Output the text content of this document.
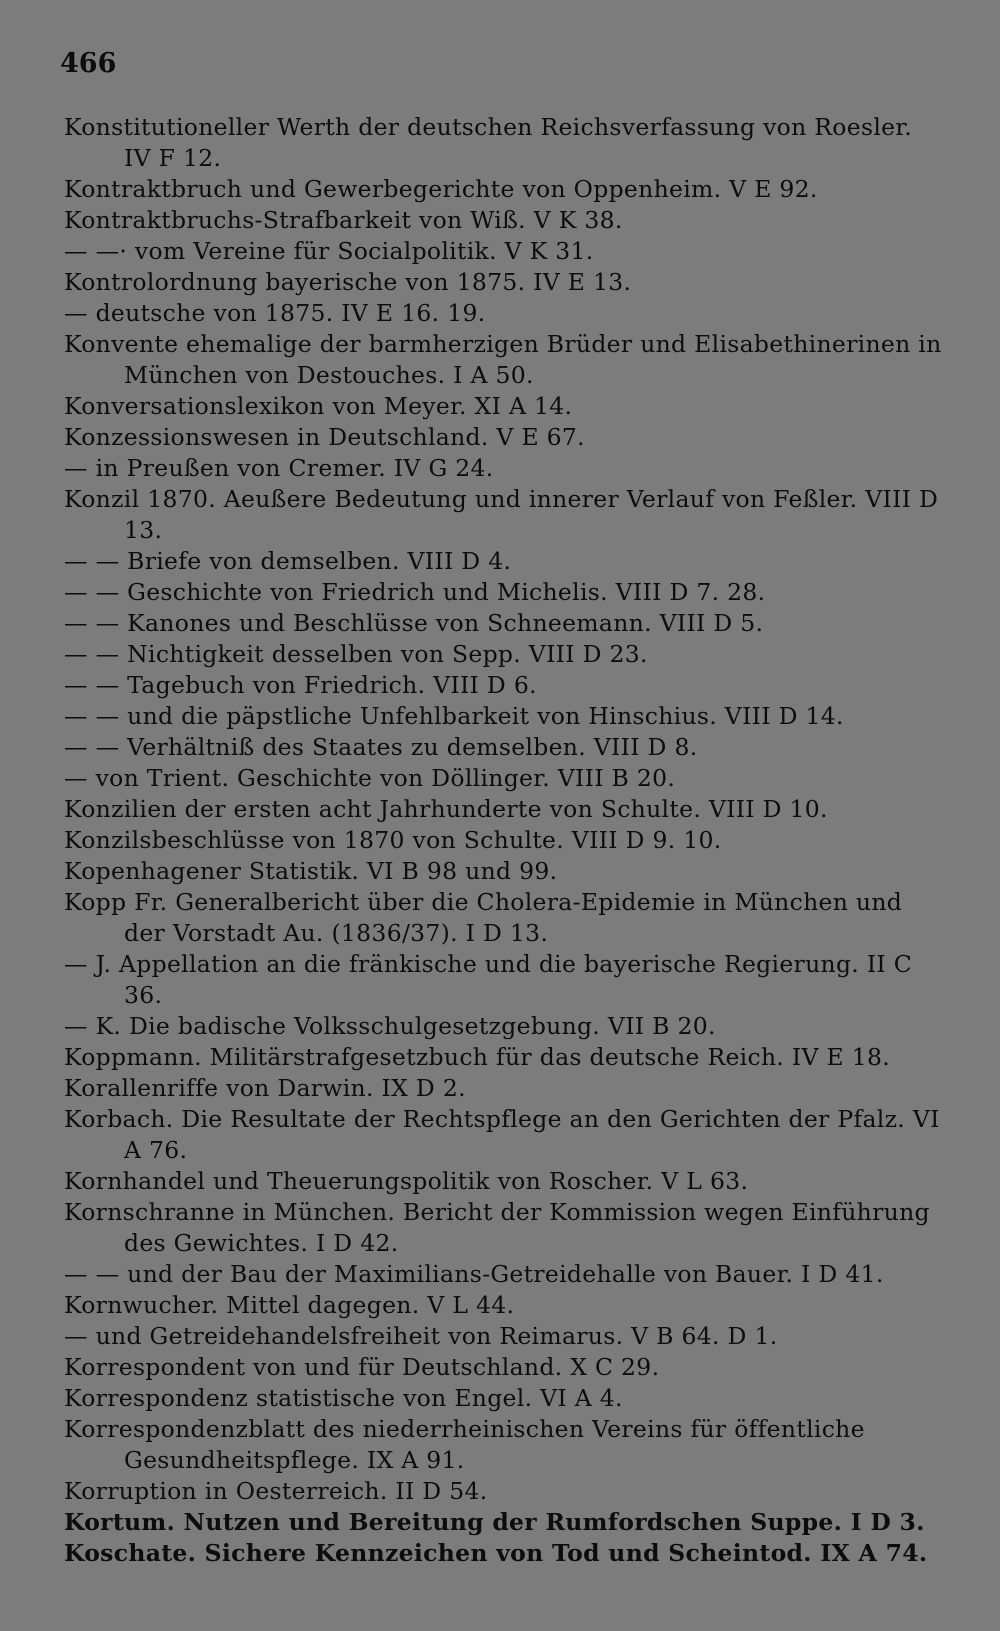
466
Konstitutioneller Werth der deutschen Reichsverfassung von Roesler. IV F 12.
Kontraktbruch und Gewerbegerichte von Oppenheim. V E 92.
Kontraktbruchs-Strafbarkeit von Wiß. V K 38.
— —· vom Vereine für Socialpolitik. V K 31.
Kontrolordnung bayerische von 1875. IV E 13.
— deutsche von 1875. IV E 16. 19.
Konvente ehemalige der barmherzigen Brüder und Elisabethinerinen in München von Destouches. I A 50.
Konversationslexikon von Meyer. XI A 14.
Konzessionswesen in Deutschland. V E 67.
— in Preußen von Cremer. IV G 24.
Konzil 1870. Aeußere Bedeutung und innerer Verlauf von Feßler. VIII D 13.
— — Briefe von demselben. VIII D 4.
— — Geschichte von Friedrich und Michelis. VIII D 7. 28.
— — Kanones und Beschlüsse von Schneemann. VIII D 5.
— — Nichtigkeit desselben von Sepp. VIII D 23.
— — Tagebuch von Friedrich. VIII D 6.
— — und die päpstliche Unfehlbarkeit von Hinschius. VIII D 14.
— — Verhältniß des Staates zu demselben. VIII D 8.
— von Trient. Geschichte von Döllinger. VIII B 20.
Konzilien der ersten acht Jahrhunderte von Schulte. VIII D 10.
Konzilsbeschlüsse von 1870 von Schulte. VIII D 9. 10.
Kopenhagener Statistik. VI B 98 und 99.
Kopp Fr. Generalbericht über die Cholera-Epidemie in München und der Vorstadt Au. (1836/37). I D 13.
— J. Appellation an die fränkische und die bayerische Regierung. II C 36.
— K. Die badische Volksschulgesetzgebung. VII B 20.
Koppmann. Militärstrafgesetzbuch für das deutsche Reich. IV E 18.
Korallenriffe von Darwin. IX D 2.
Korbach. Die Resultate der Rechtspflege an den Gerichten der Pfalz. VI A 76.
Kornhandel und Theuerungspolitik von Roscher. V L 63.
Kornschranne in München. Bericht der Kommission wegen Einführung des Gewichtes. I D 42.
— — und der Bau der Maximilians-Getreidehalle von Bauer. I D 41.
Kornwucher. Mittel dagegen. V L 44.
— und Getreidehandelsfreiheit von Reimarus. V B 64. D 1.
Korrespondent von und für Deutschland. X C 29.
Korrespondenz statistische von Engel. VI A 4.
Korrespondenzblatt des niederrheinischen Vereins für öffentliche Gesundheitspflege. IX A 91.
Korruption in Oesterreich. II D 54.
Kortum. Nutzen und Bereitung der Rumfordschen Suppe. I D 3.
Koschate. Sichere Kennzeichen von Tod und Scheintod. IX A 74.
